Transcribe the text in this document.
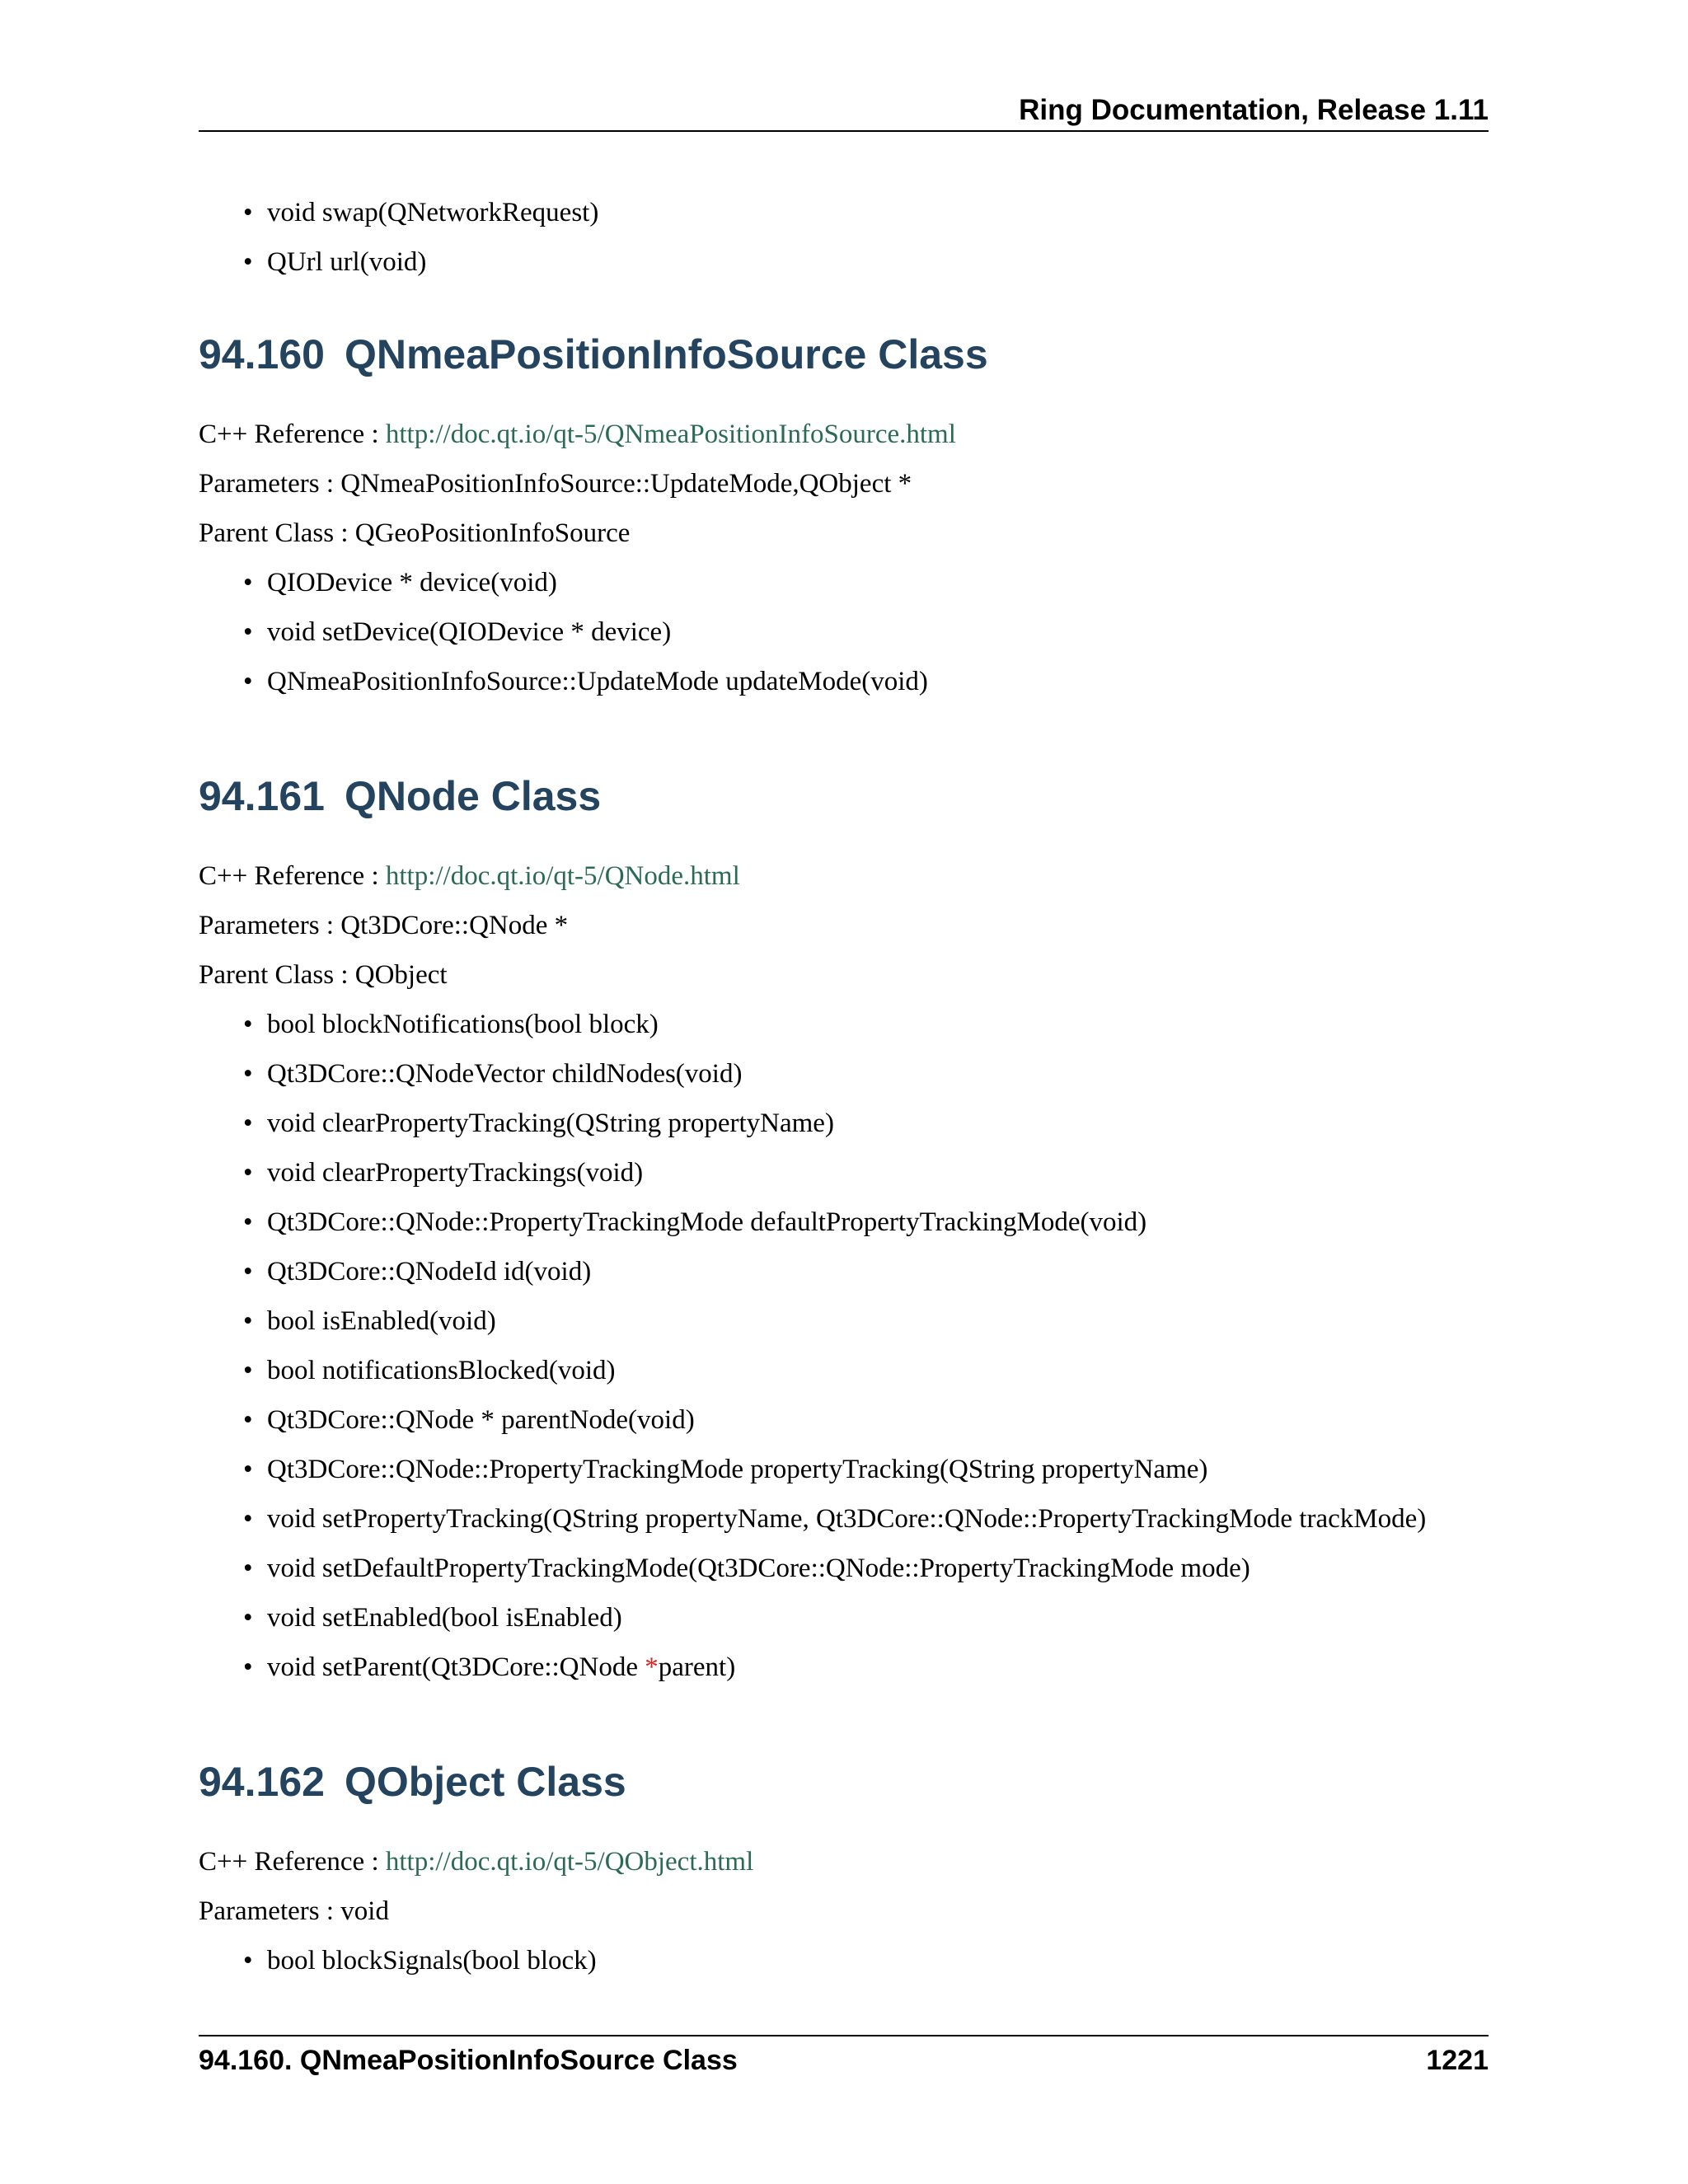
Ring Documentation, Release 1.11
• void swap(QNetworkRequest)
• QUrl url(void)
94.160 QNmeaPositionInfoSource Class
C++ Reference : http://doc.qt.io/qt-5/QNmeaPositionInfoSource.html
Parameters : QNmeaPositionInfoSource::UpdateMode,QObject *
Parent Class : QGeoPositionInfoSource
• QIODevice * device(void)
• void setDevice(QIODevice * device)
• QNmeaPositionInfoSource::UpdateMode updateMode(void)
94.161 QNode Class
C++ Reference : http://doc.qt.io/qt-5/QNode.html
Parameters : Qt3DCore::QNode *
Parent Class : QObject
• bool blockNotifications(bool block)
• Qt3DCore::QNodeVector childNodes(void)
• void clearPropertyTracking(QString propertyName)
• void clearPropertyTrackings(void)
• Qt3DCore::QNode::PropertyTrackingMode defaultPropertyTrackingMode(void)
• Qt3DCore::QNodeId id(void)
• bool isEnabled(void)
• bool notificationsBlocked(void)
• Qt3DCore::QNode * parentNode(void)
• Qt3DCore::QNode::PropertyTrackingMode propertyTracking(QString propertyName)
• void setPropertyTracking(QString propertyName, Qt3DCore::QNode::PropertyTrackingMode trackMode)
• void setDefaultPropertyTrackingMode(Qt3DCore::QNode::PropertyTrackingMode mode)
• void setEnabled(bool isEnabled)
• void setParent(Qt3DCore::QNode *parent)
94.162 QObject Class
C++ Reference : http://doc.qt.io/qt-5/QObject.html
Parameters : void
• bool blockSignals(bool block)
94.160. QNmeaPositionInfoSource Class	1221
